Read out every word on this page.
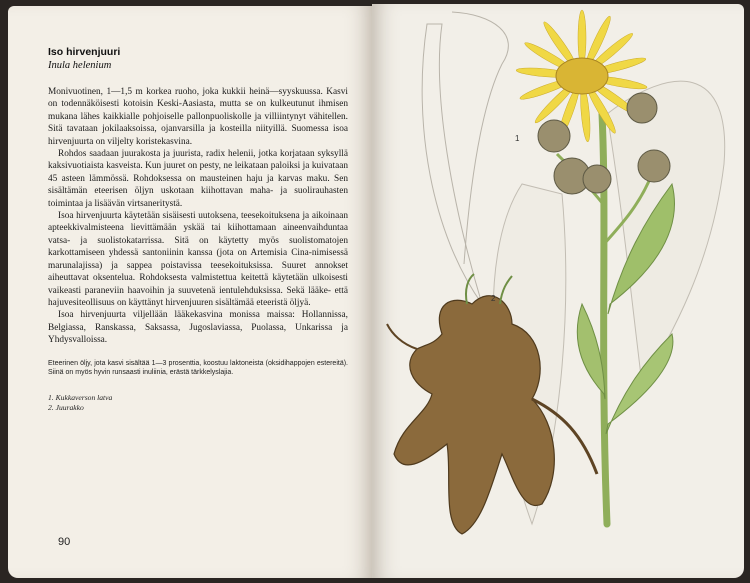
Iso hirvenjuuri

Inula helenium

Monivuotinen, 1—1,5 m korkea ruoho, joka kukkii heinä—syyskuussa. Kasvi on todennäköisesti kotoisin Keski-Aasiasta, mutta se on kulkeutunut ihmisen mukana lähes kaikkialle pohjoiselle pallonpuoliskolle ja villiintynyt vähitellen. Sitä tavataan jokilaaksoissa, ojanvarsilla ja kosteilla niityillä. Suomessa isoa hirvenjuurta on viljelty koristekasvina.

Rohdos saadaan juurakosta ja juurista, radix helenii, jotka korjataan syksyllä kaksivuotiaista kasveista. Kun juuret on pesty, ne leikataan paloiksi ja kuivataan 45 asteen lämmössä. Rohdoksessa on mausteinen haju ja karvas maku. Sen sisältämän eteerisen öljyn uskotaan kiihottavan maha- ja suolirauhasten toimintaa ja lisäävän virtsaneritystä.

Isoa hirvenjuurta käytetään sisäisesti uutoksena, teesekoituksena ja aikoinaan apteekkivalmisteena lievittämään yskää tai kiihottamaan aineenvaihduntaa vatsa- ja suolistokatarrissa. Sitä on käytetty myös suolistomatojen karkottamiseen yhdessä santoniinin kanssa (jota on Artemisia Cina-nimisessä marunalajissa) ja sappea poistavissa teesekoituksissa. Suuret annokset aiheuttavat oksentelua. Rohdoksesta valmistettua keitettä käytetään ulkoisesti vaikeasti paraneviin haavoihin ja suuvetenä ientulehduksissa. Sekä lääke- että hajuvesiteollisuus on käyttänyt hirvenjuuren sisältämää eteeristä öljyä.

Isoa hirvenjuurta viljellään lääkekasvina monissa maissa: Hollannissa, Belgiassa, Ranskassa, Saksassa, Jugoslaviassa, Puolassa, Unkarissa ja Yhdysvalloissa.

Eteerinen öljy, jota kasvi sisältää 1—3 prosenttia, koostuu laktoneista (oksidihappojen estereitä). Siinä on myös hyvin runsaasti inuliinia, erästä tärkkelyslajia.

1. Kukkaverson latva
2. Juurakko
90
1
2
